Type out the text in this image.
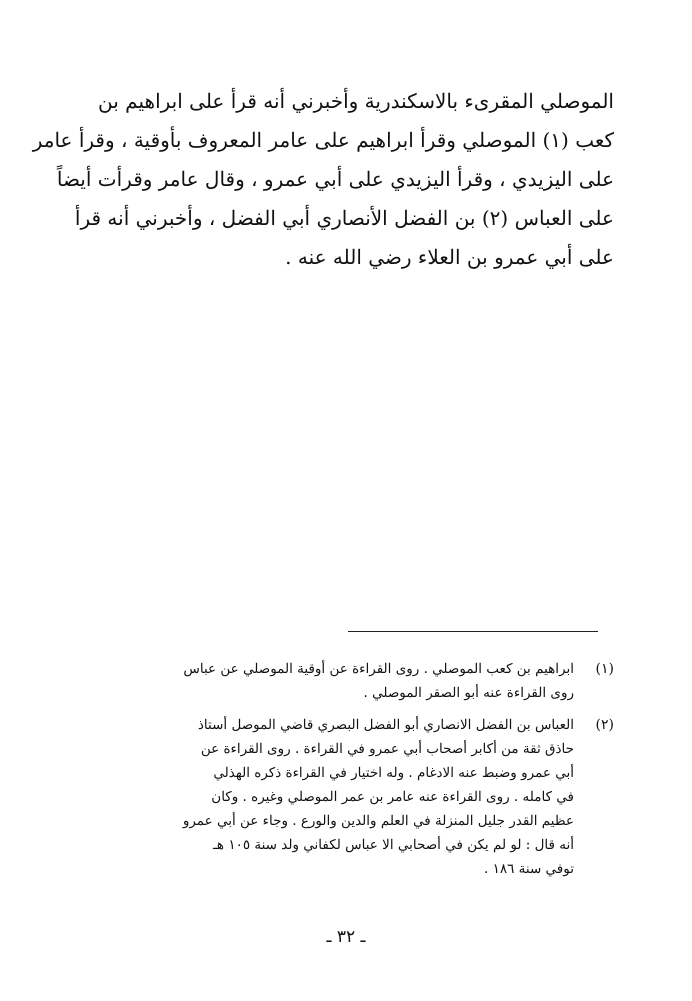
الموصلي المقرىء بالاسكندرية وأخبرني أنه قرأ على ابراهيم بن
كعب (١) الموصلي وقرأ ابراهيم على عامر المعروف بأوقية ، وقرأ عامر
على اليزيدي ، وقرأ اليزيدي على أبي عمرو ، وقال عامر وقرأت أيضاً
على العباس (٢) بن الفضل الأنصاري أبي الفضل ، وأخبرني أنه قرأ
على أبي عمرو بن العلاء رضي الله عنه .
(١)
ابراهيم بن كعب الموصلي . روى القراءة عن أوقية الموصلي عن عباس
روى القراءة عنه أبو الصقر الموصلي .
(٢)
العباس بن الفضل الانصاري أبو الفضل البصري قاضي الموصل أستاذ
حاذق ثقة من أكابر أصحاب أبي عمرو في القراءة . روى القراءة عن
أبي عمرو وضبط عنه الادغام . وله اختيار في القراءة ذكره الهذلي
في كامله . روى القراءة عنه عامر بن عمر الموصلي وغيره . وكان
عظيم القدر جليل المنزلة في العلم والدين والورع . وجاء عن أبي عمرو
أنه قال : لو لم يكن في أصحابي الا عباس لكفاني ولد سنة ١٠٥ هـ
توفي سنة ١٨٦ .
ـ ٣٢ ـ
